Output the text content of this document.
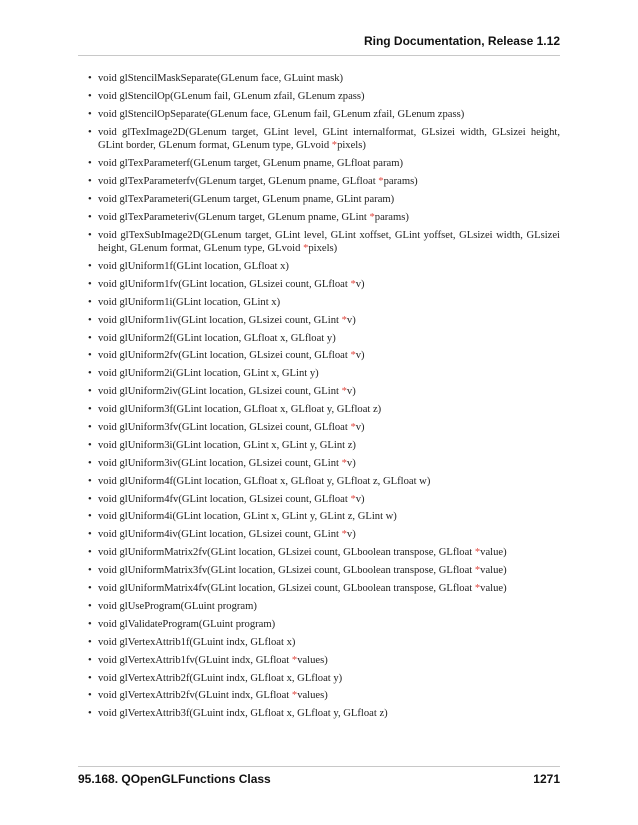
Ring Documentation, Release 1.12
• void glStencilMaskSeparate(GLenum face, GLuint mask)
• void glStencilOp(GLenum fail, GLenum zfail, GLenum zpass)
• void glStencilOpSeparate(GLenum face, GLenum fail, GLenum zfail, GLenum zpass)
• void glTexImage2D(GLenum target, GLint level, GLint internalformat, GLsizei width, GLsizei height, GLint border, GLenum format, GLenum type, GLvoid *pixels)
• void glTexParameterf(GLenum target, GLenum pname, GLfloat param)
• void glTexParameterfv(GLenum target, GLenum pname, GLfloat *params)
• void glTexParameteri(GLenum target, GLenum pname, GLint param)
• void glTexParameteriv(GLenum target, GLenum pname, GLint *params)
• void glTexSubImage2D(GLenum target, GLint level, GLint xoffset, GLint yoffset, GLsizei width, GLsizei height, GLenum format, GLenum type, GLvoid *pixels)
• void glUniform1f(GLint location, GLfloat x)
• void glUniform1fv(GLint location, GLsizei count, GLfloat *v)
• void glUniform1i(GLint location, GLint x)
• void glUniform1iv(GLint location, GLsizei count, GLint *v)
• void glUniform2f(GLint location, GLfloat x, GLfloat y)
• void glUniform2fv(GLint location, GLsizei count, GLfloat *v)
• void glUniform2i(GLint location, GLint x, GLint y)
• void glUniform2iv(GLint location, GLsizei count, GLint *v)
• void glUniform3f(GLint location, GLfloat x, GLfloat y, GLfloat z)
• void glUniform3fv(GLint location, GLsizei count, GLfloat *v)
• void glUniform3i(GLint location, GLint x, GLint y, GLint z)
• void glUniform3iv(GLint location, GLsizei count, GLint *v)
• void glUniform4f(GLint location, GLfloat x, GLfloat y, GLfloat z, GLfloat w)
• void glUniform4fv(GLint location, GLsizei count, GLfloat *v)
• void glUniform4i(GLint location, GLint x, GLint y, GLint z, GLint w)
• void glUniform4iv(GLint location, GLsizei count, GLint *v)
• void glUniformMatrix2fv(GLint location, GLsizei count, GLboolean transpose, GLfloat *value)
• void glUniformMatrix3fv(GLint location, GLsizei count, GLboolean transpose, GLfloat *value)
• void glUniformMatrix4fv(GLint location, GLsizei count, GLboolean transpose, GLfloat *value)
• void glUseProgram(GLuint program)
• void glValidateProgram(GLuint program)
• void glVertexAttrib1f(GLuint indx, GLfloat x)
• void glVertexAttrib1fv(GLuint indx, GLfloat *values)
• void glVertexAttrib2f(GLuint indx, GLfloat x, GLfloat y)
• void glVertexAttrib2fv(GLuint indx, GLfloat *values)
• void glVertexAttrib3f(GLuint indx, GLfloat x, GLfloat y, GLfloat z)
95.168. QOpenGLFunctions Class	1271
